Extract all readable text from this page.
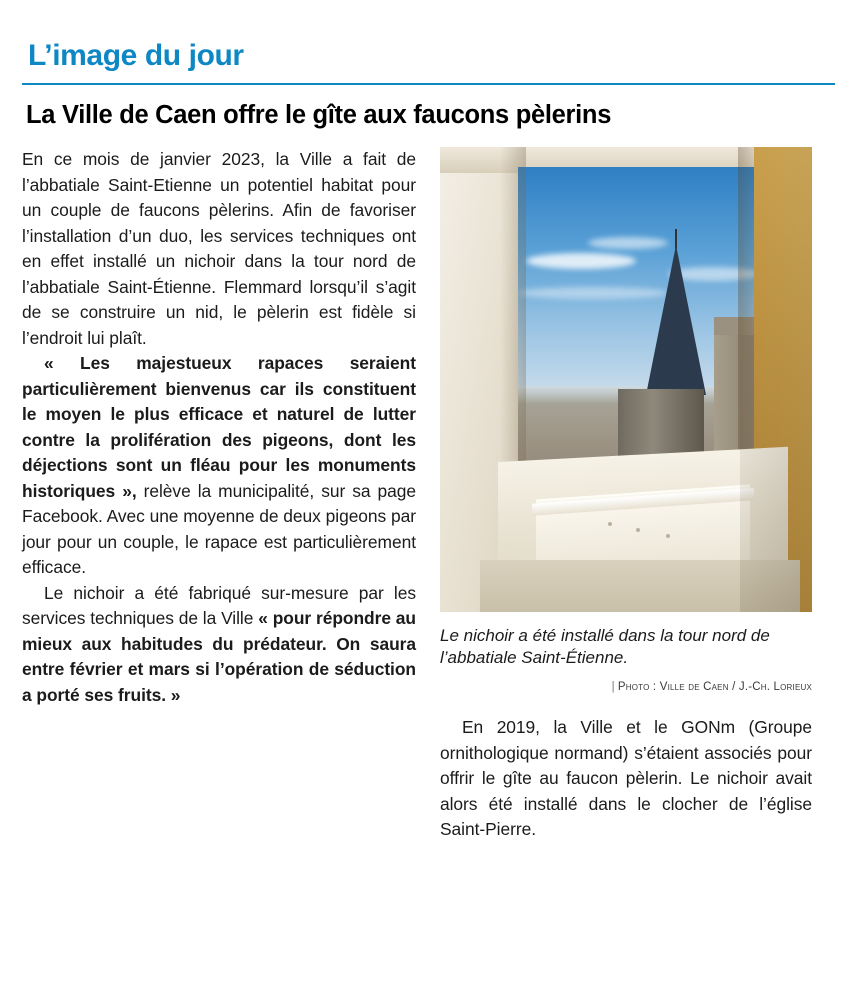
L’image du jour
La Ville de Caen offre le gîte aux faucons pèlerins

En ce mois de janvier 2023, la Ville a fait de l’abbatiale Saint-Etienne un potentiel habitat pour un couple de faucons pèlerins. Afin de favoriser l’installation d’un duo, les services techniques ont en effet installé un nichoir dans la tour nord de l’abbatiale Saint-Étienne. Flemmard lorsqu’il s’agit de se construire un nid, le pèlerin est fidèle si l’endroit lui plaît.

« Les majestueux rapaces seraient particulièrement bienvenus car ils constituent le moyen le plus efficace et naturel de lutter contre la prolifération des pigeons, dont les déjections sont un fléau pour les monuments historiques », relève la municipalité, sur sa page Facebook. Avec une moyenne de deux pigeons par jour pour un couple, le rapace est particulièrement efficace.

Le nichoir a été fabriqué sur-mesure par les services techniques de la Ville « pour répondre au mieux aux habitudes du prédateur. On saura entre février et mars si l’opération de séduction a porté ses fruits. »

Le nichoir a été installé dans la tour nord de l’abbatiale Saint-Étienne.
| Photo : Ville de Caen / J.-Ch. Lorieux

En 2019, la Ville et le GONm (Groupe ornithologique normand) s’étaient associés pour offrir le gîte au faucon pèlerin. Le nichoir avait alors été installé dans le clocher de l’église Saint-Pierre.
